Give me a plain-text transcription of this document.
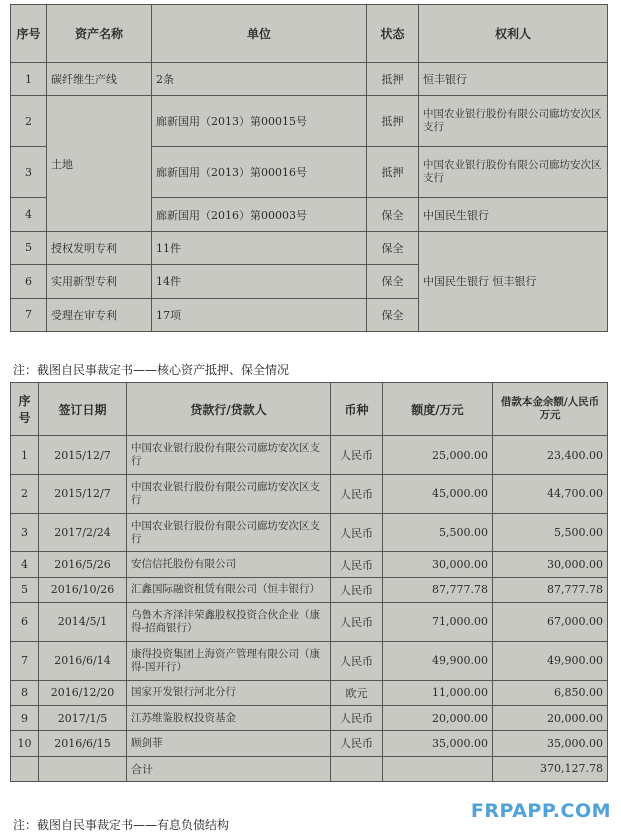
序号	资产名称	单位	状态	权利人
1	碳纤维生产线	2条	抵押	恒丰银行
2	土地	廊新国用（2013）第00015号	抵押	中国农业银行股份有限公司廊坊安次区支行
3		廊新国用（2013）第00016号	抵押	中国农业银行股份有限公司廊坊安次区支行
4		廊新国用（2016）第00003号	保全	中国民生银行
5	授权发明专利	11件	保全	中国民生银行 恒丰银行
6	实用新型专利	14件	保全	
7	受理在审专利	17项	保全	
注：截图自民事裁定书——核心资产抵押、保全情况
序号	签订日期	贷款行/贷款人	币种	额度/万元	借款本金余额/人民币万元
1	2015/12/7	中国农业银行股份有限公司廊坊安次区支行	人民币	25,000.00	23,400.00
2	2015/12/7	中国农业银行股份有限公司廊坊安次区支行	人民币	45,000.00	44,700.00
3	2017/2/24	中国农业银行股份有限公司廊坊安次区支行	人民币	5,500.00	5,500.00
4	2016/5/26	安信信托股份有限公司	人民币	30,000.00	30,000.00
5	2016/10/26	汇鑫国际融资租赁有限公司（恒丰银行）	人民币	87,777.78	87,777.78
6	2014/5/1	乌鲁木齐泽沣荣鑫股权投资合伙企业（康得-招商银行）	人民币	71,000.00	67,000.00
7	2016/6/14	康得投资集团上海资产管理有限公司（康得-国开行）	人民币	49,900.00	49,900.00
8	2016/12/20	国家开发银行河北分行	欧元	11,000.00	6,850.00
9	2017/1/5	江苏维鉴股权投资基金	人民币	20,000.00	20,000.00
10	2016/6/15	顾剑菲	人民币	35,000.00	35,000.00
		合计			370,127.78
注：截图自民事裁定书——有息负债结构
FRPAPP.COM
